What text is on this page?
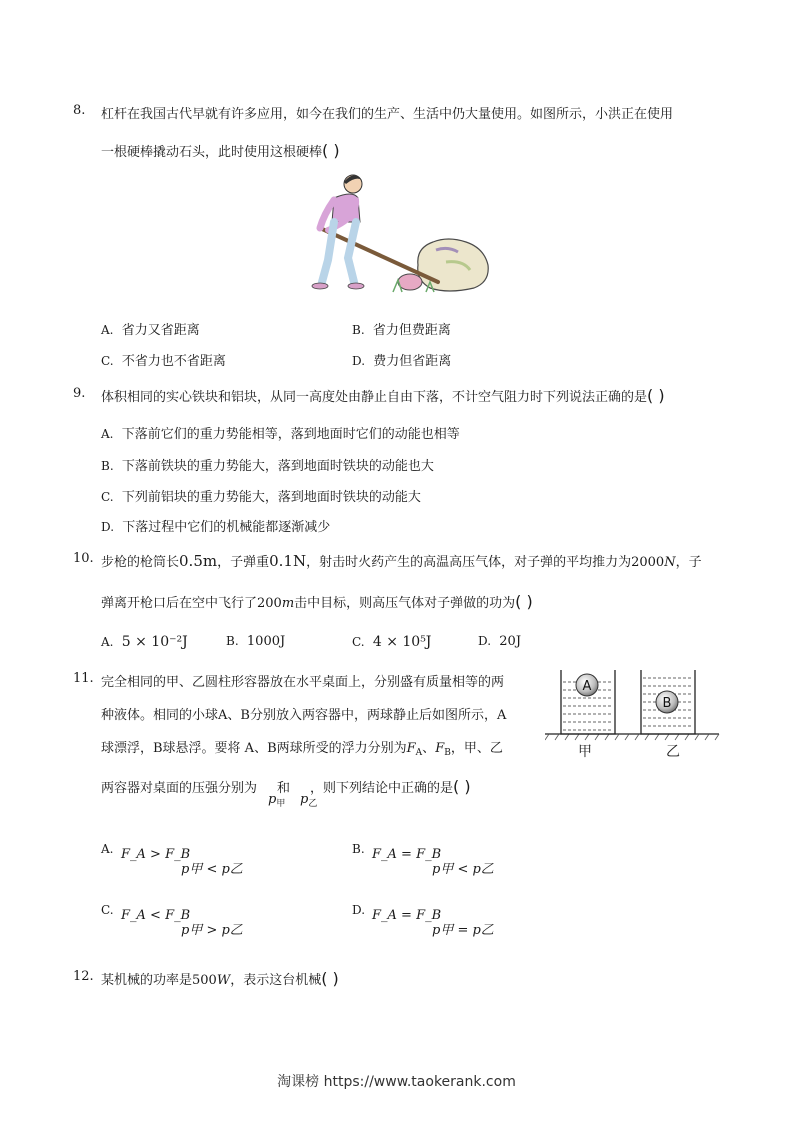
8. 杠杆在我国古代早就有许多应用，如今在我们的生产、生活中仍大量使用。如图所示，小洪正在使用
一根硬棒撬动石头，此时使用这根硬棒( )
A. 省力又省距离	B. 省力但费距离
C. 不省力也不省距离	D. 费力但省距离
9. 体积相同的实心铁块和铝块，从同一高度处由静止自由下落，不计空气阻力时下列说法正确的是( )
A. 下落前它们的重力势能相等，落到地面时它们的动能也相等
B. 下落前铁块的重力势能大，落到地面时铁块的动能也大
C. 下列前铝块的重力势能大，落到地面时铁块的动能大
D. 下落过程中它们的机械能都逐渐减少
10. 步枪的枪筒长0.5m，子弹重0.1N，射击时火药产生的高温高压气体，对子弹的平均推力为2000N，子
弹离开枪口后在空中飞行了200m击中目标，则高压气体对子弹做的功为( )
A. 5 × 10⁻²J	B. 1000J	C. 4 × 10⁵J	D. 20J
11. 完全相同的甲、乙圆柱形容器放在水平桌面上，分别盛有质量相等的两
种液体。相同的小球A、B分别放入两容器中，两球静止后如图所示，A
球漂浮，B球悬浮。要将 A、B两球所受的浮力分别为$F_A$、$F_B$，甲、乙
两容器对桌面的压强分别为 和 ，则下列结论中正确的是( )
$p_甲$ $p_乙$
A
B
甲	乙
A. F_A > F_B
p甲 < p乙
B. F_A = F_B
p甲 < p乙
C. F_A < F_B
p甲 > p乙
D. F_A = F_B
p甲 = p乙
12. 某机械的功率是500W，表示这台机械( )
淘课榜 https://www.taokerank.com
